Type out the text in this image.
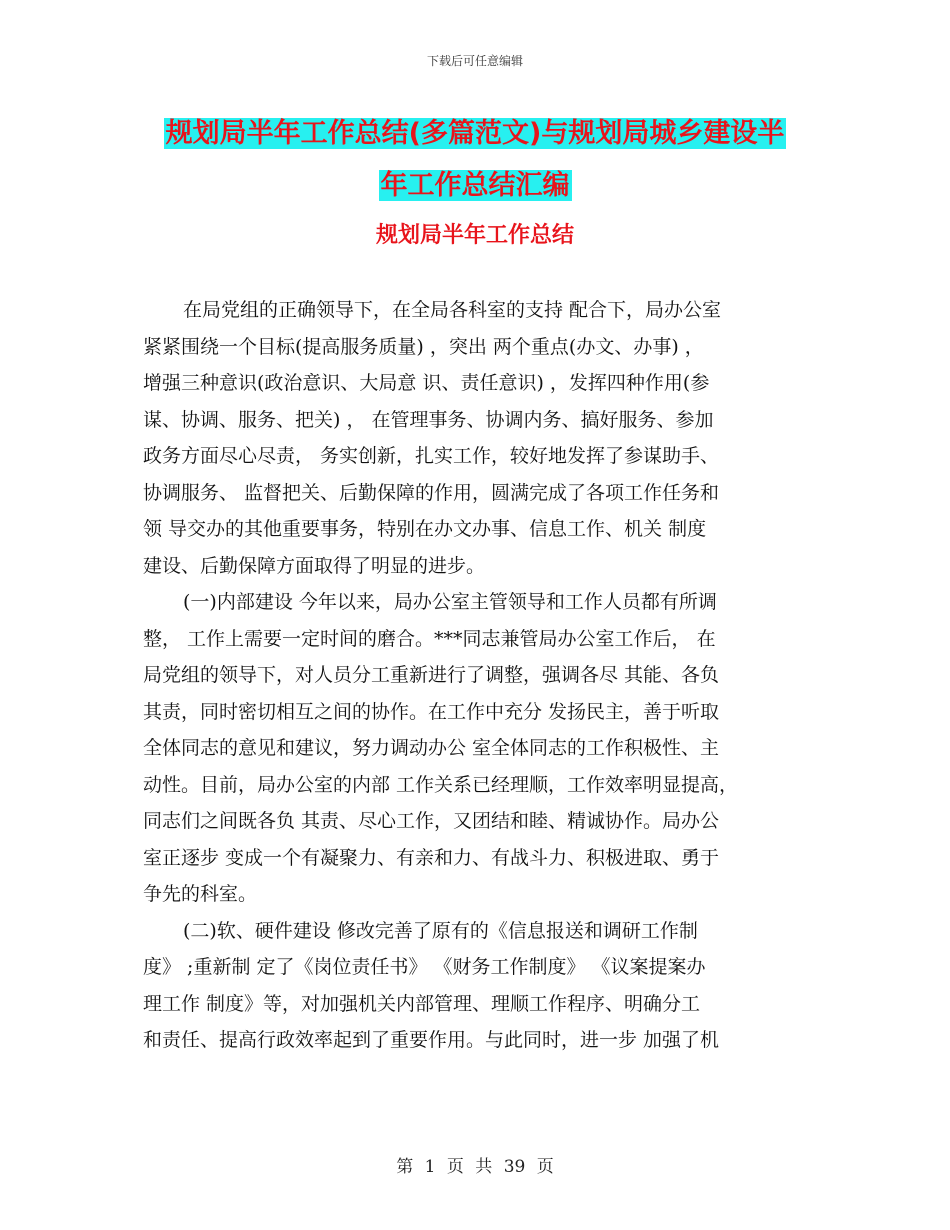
下载后可任意编辑
规划局半年工作总结(多篇范文)与规划局城乡建设半
年工作总结汇编
规划局半年工作总结
在局党组的正确领导下，在全局各科室的支持 配合下，局办公室
紧紧围绕一个目标(提高服务质量) ，突出 两个重点(办文、办事) ，
增强三种意识(政治意识、大局意 识、责任意识) ，发挥四种作用(参
谋、协调、服务、把关) ， 在管理事务、协调内务、搞好服务、参加
政务方面尽心尽责， 务实创新，扎实工作，较好地发挥了参谋助手、
协调服务、 监督把关、后勤保障的作用，圆满完成了各项工作任务和
领 导交办的其他重要事务，特别在办文办事、信息工作、机关 制度
建设、后勤保障方面取得了明显的进步。
(一)内部建设 今年以来，局办公室主管领导和工作人员都有所调
整， 工作上需要一定时间的磨合。***同志兼管局办公室工作后， 在
局党组的领导下，对人员分工重新进行了调整，强调各尽 其能、各负
其责，同时密切相互之间的协作。在工作中充分 发扬民主，善于听取
全体同志的意见和建议，努力调动办公 室全体同志的工作积极性、主
动性。目前，局办公室的内部 工作关系已经理顺，工作效率明显提高，
同志们之间既各负 其责、尽心工作，又团结和睦、精诚协作。局办公
室正逐步 变成一个有凝聚力、有亲和力、有战斗力、积极进取、勇于
争先的科室。
(二)软、硬件建设 修改完善了原有的《信息报送和调研工作制
度》 ;重新制 定了《岗位责任书》 《财务工作制度》 《议案提案办
理工作 制度》等，对加强机关内部管理、理顺工作程序、明确分工
和责任、提高行政效率起到了重要作用。与此同时，进一步 加强了机
第 1 页 共 39 页
